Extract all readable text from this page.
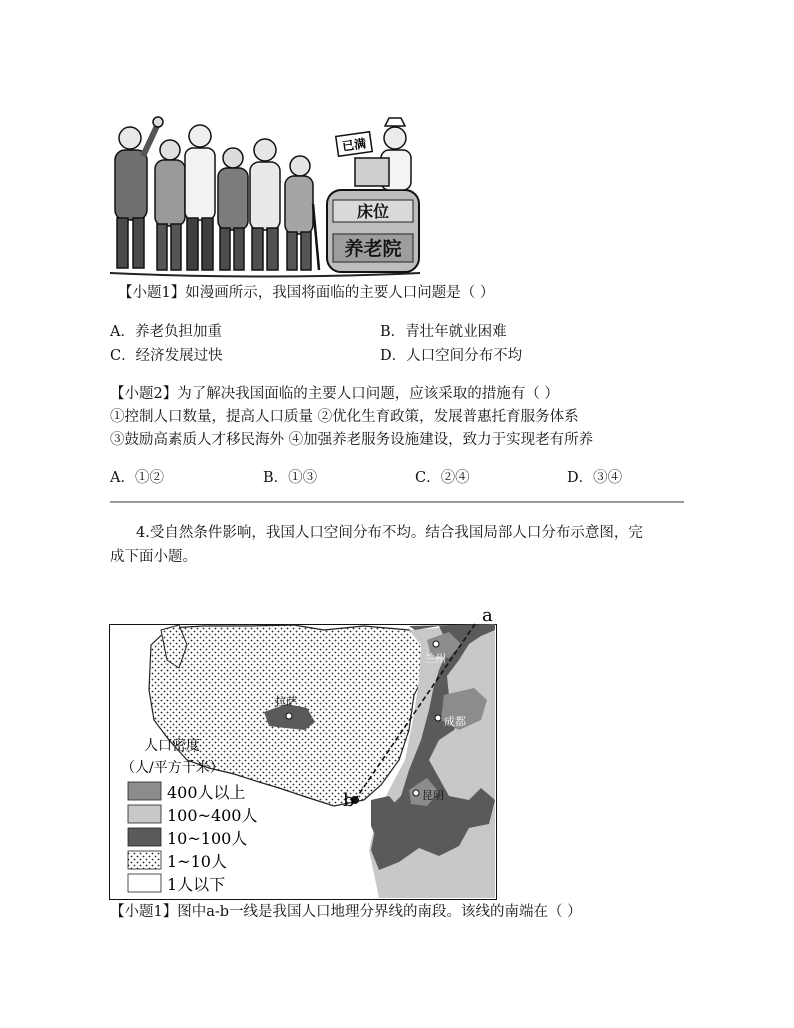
床位
养老院
已满
【小题1】如漫画所示，我国将面临的主要人口问题是（ ）
A．养老负担加重	B．青壮年就业困难
C．经济发展过快	D．人口空间分布不均
【小题2】为了解决我国面临的主要人口问题，应该采取的措施有（ ）
①控制人口数量，提高人口质量 ②优化生育政策，发展普惠托育服务体系
③鼓励高素质人才移民海外 ④加强养老服务设施建设，致力于实现老有所养
A．①②	B．①③	C．②④	D．③④
4.受自然条件影响，我国人口空间分布不均。结合我国局部人口分布示意图，完
成下面小题。
a
b
兰州
拉萨
成都
昆明
人口密度
（人/平方千米）
400人以上
100~400人
10~100人
1~10人
1人以下
【小题1】图中a-b一线是我国人口地理分界线的南段。该线的南端在（ ）
